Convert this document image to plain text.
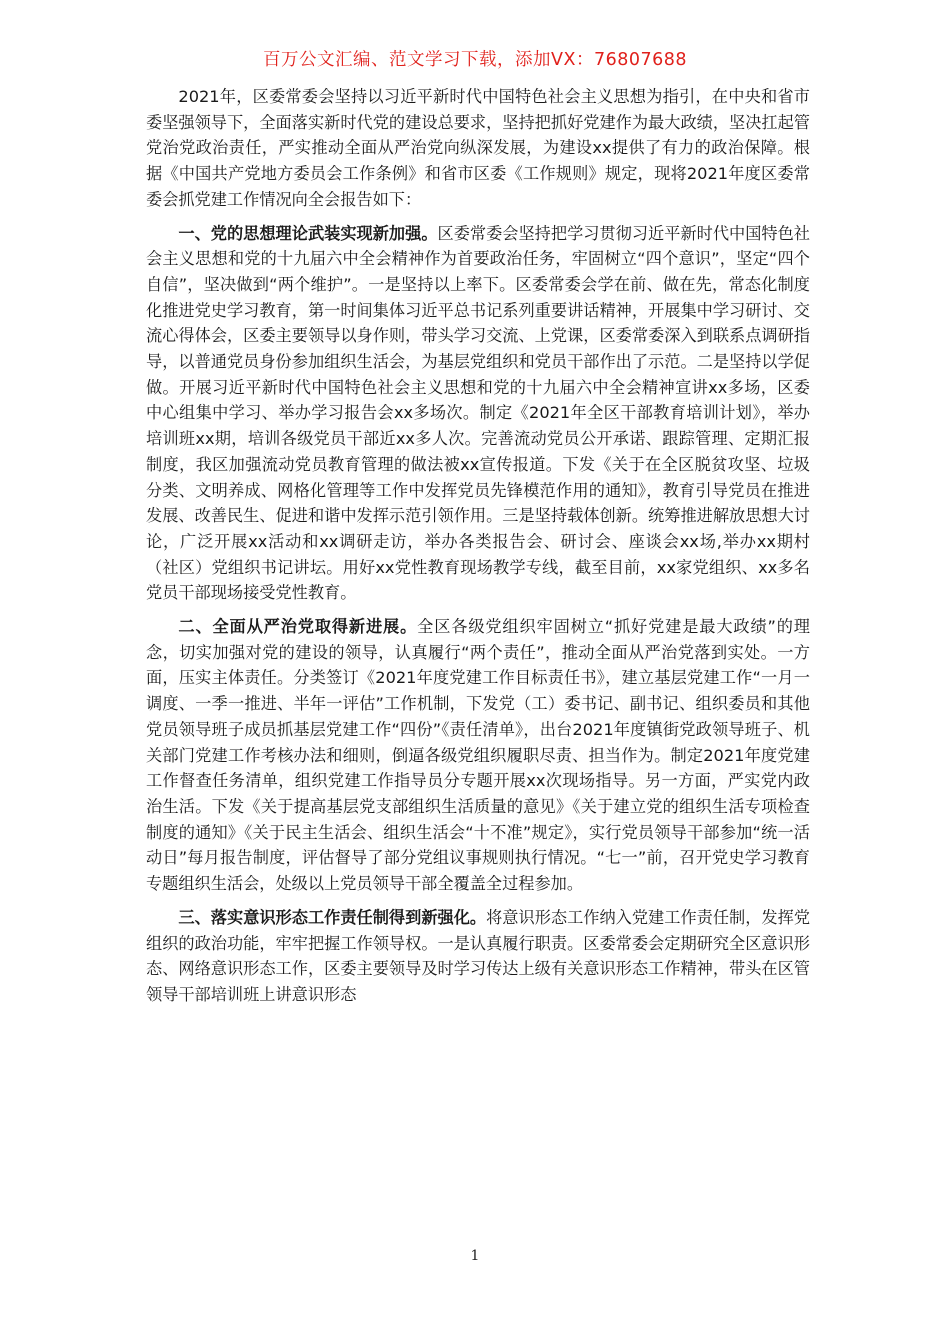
百万公文汇编、范文学习下载，添加VX：76807688

2021年，区委常委会坚持以习近平新时代中国特色社会主义思想为指引，在中央和省市委坚强领导下，全面落实新时代党的建设总要求，坚持把抓好党建作为最大政绩，坚决扛起管党治党政治责任，严实推动全面从严治党向纵深发展，为建设xx提供了有力的政治保障。根据《中国共产党地方委员会工作条例》和省市区委《工作规则》规定，现将2021年度区委常委会抓党建工作情况向全会报告如下：

一、党的思想理论武装实现新加强。区委常委会坚持把学习贯彻习近平新时代中国特色社会主义思想和党的十九届六中全会精神作为首要政治任务，牢固树立“四个意识”，坚定“四个自信”，坚决做到“两个维护”。一是坚持以上率下。区委常委会学在前、做在先，常态化制度化推进党史学习教育，第一时间集体习近平总书记系列重要讲话精神，开展集中学习研讨、交流心得体会，区委主要领导以身作则，带头学习交流、上党课，区委常委深入到联系点调研指导，以普通党员身份参加组织生活会，为基层党组织和党员干部作出了示范。二是坚持以学促做。开展习近平新时代中国特色社会主义思想和党的十九届六中全会精神宣讲xx多场，区委中心组集中学习、举办学习报告会xx多场次。制定《2021年全区干部教育培训计划》，举办培训班xx期，培训各级党员干部近xx多人次。完善流动党员公开承诺、跟踪管理、定期汇报制度，我区加强流动党员教育管理的做法被xx宣传报道。下发《关于在全区脱贫攻坚、垃圾分类、文明养成、网格化管理等工作中发挥党员先锋模范作用的通知》，教育引导党员在推进发展、改善民生、促进和谐中发挥示范引领作用。三是坚持载体创新。统筹推进解放思想大讨论，广泛开展xx活动和xx调研走访，举办各类报告会、研讨会、座谈会xx场,举办xx期村（社区）党组织书记讲坛。用好xx党性教育现场教学专线，截至目前，xx家党组织、xx多名党员干部现场接受党性教育。

二、全面从严治党取得新进展。全区各级党组织牢固树立“抓好党建是最大政绩”的理念，切实加强对党的建设的领导，认真履行“两个责任”，推动全面从严治党落到实处。一方面，压实主体责任。分类签订《2021年度党建工作目标责任书》，建立基层党建工作“一月一调度、一季一推进、半年一评估”工作机制，下发党（工）委书记、副书记、组织委员和其他党员领导班子成员抓基层党建工作“四份”《责任清单》，出台2021年度镇街党政领导班子、机关部门党建工作考核办法和细则，倒逼各级党组织履职尽责、担当作为。制定2021年度党建工作督查任务清单，组织党建工作指导员分专题开展xx次现场指导。另一方面，严实党内政治生活。下发《关于提高基层党支部组织生活质量的意见》《关于建立党的组织生活专项检查制度的通知》《关于民主生活会、组织生活会“十不准”规定》，实行党员领导干部参加“统一活动日”每月报告制度，评估督导了部分党组议事规则执行情况。“七一”前，召开党史学习教育专题组织生活会，处级以上党员领导干部全覆盖全过程参加。

三、落实意识形态工作责任制得到新强化。将意识形态工作纳入党建工作责任制，发挥党组织的政治功能，牢牢把握工作领导权。一是认真履行职责。区委常委会定期研究全区意识形态、网络意识形态工作，区委主要领导及时学习传达上级有关意识形态工作精神，带头在区管领导干部培训班上讲意识形态

1
